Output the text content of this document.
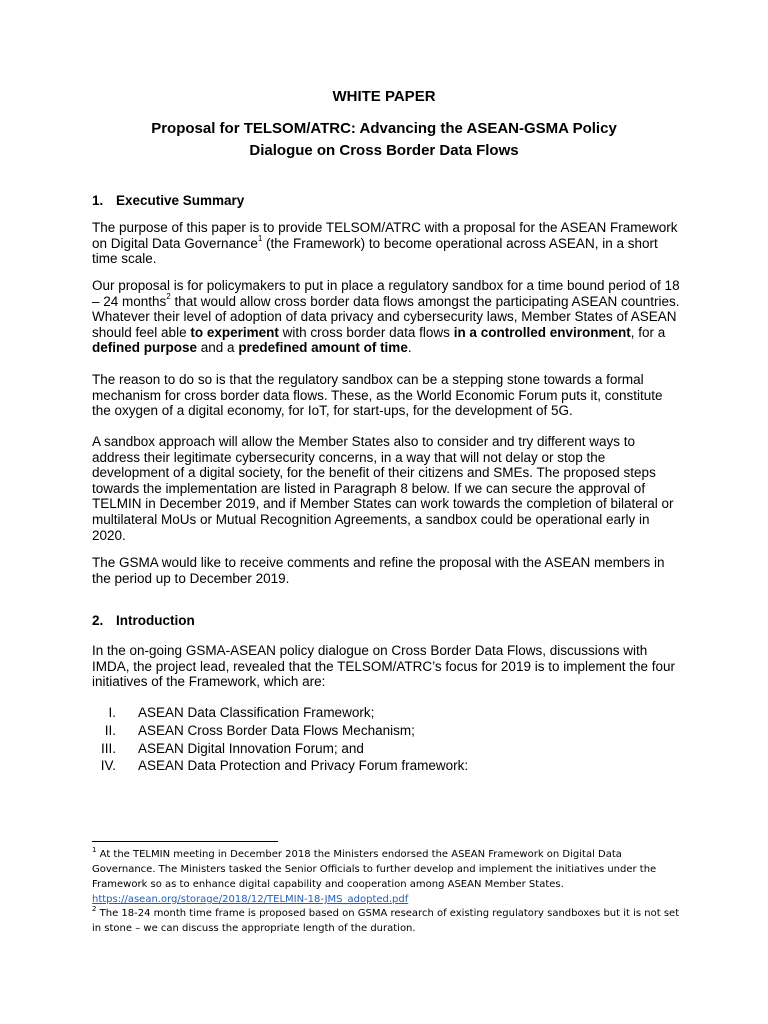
WHITE PAPER
Proposal for TELSOM/ATRC: Advancing the ASEAN-GSMA Policy
Dialogue on Cross Border Data Flows
1. Executive Summary

The purpose of this paper is to provide TELSOM/ATRC with a proposal for the ASEAN Framework on Digital Data Governance$^1$ (the Framework) to become operational across ASEAN, in a short time scale.

Our proposal is for policymakers to put in place a regulatory sandbox for a time bound period of 18 – 24 months$^2$ that would allow cross border data flows amongst the participating ASEAN countries. Whatever their level of adoption of data privacy and cybersecurity laws, Member States of ASEAN should feel able to experiment with cross border data flows in a controlled environment, for a defined purpose and a predefined amount of time.

The reason to do so is that the regulatory sandbox can be a stepping stone towards a formal mechanism for cross border data flows. These, as the World Economic Forum puts it, constitute the oxygen of a digital economy, for IoT, for start-ups, for the development of 5G.

A sandbox approach will allow the Member States also to consider and try different ways to address their legitimate cybersecurity concerns, in a way that will not delay or stop the development of a digital society, for the benefit of their citizens and SMEs. The proposed steps towards the implementation are listed in Paragraph 8 below. If we can secure the approval of TELMIN in December 2019, and if Member States can work towards the completion of bilateral or multilateral MoUs or Mutual Recognition Agreements, a sandbox could be operational early in 2020.

The GSMA would like to receive comments and refine the proposal with the ASEAN members in the period up to December 2019.

2. Introduction

In the on-going GSMA-ASEAN policy dialogue on Cross Border Data Flows, discussions with IMDA, the project lead, revealed that the TELSOM/ATRC’s focus for 2019 is to implement the four initiatives of the Framework, which are:

I. ASEAN Data Classification Framework;
II. ASEAN Cross Border Data Flows Mechanism;
III. ASEAN Digital Innovation Forum; and
IV. ASEAN Data Protection and Privacy Forum framework:

$^1$ At the TELMIN meeting in December 2018 the Ministers endorsed the ASEAN Framework on Digital Data Governance. The Ministers tasked the Senior Officials to further develop and implement the initiatives under the Framework so as to enhance digital capability and cooperation among ASEAN Member States.
https://asean.org/storage/2018/12/TELMIN-18-JMS_adopted.pdf

$^2$ The 18-24 month time frame is proposed based on GSMA research of existing regulatory sandboxes but it is not set in stone – we can discuss the appropriate length of the duration.
